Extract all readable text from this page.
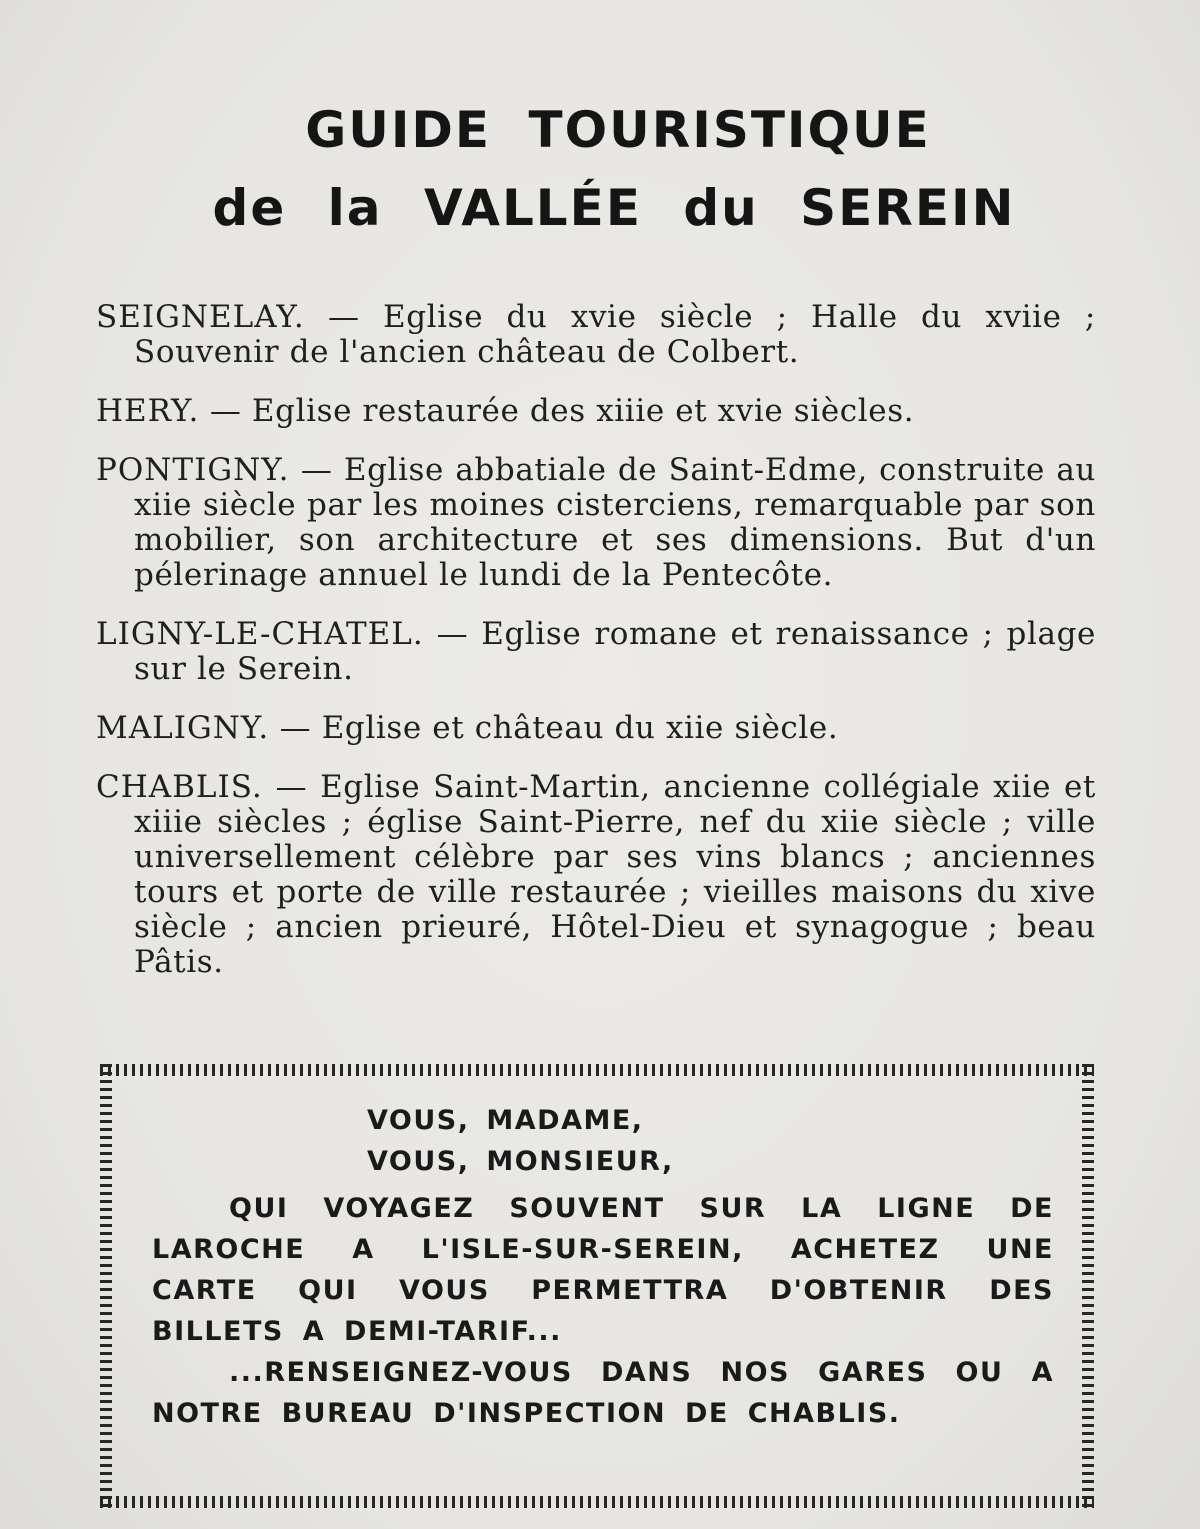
GUIDE TOURISTIQUE
de la VALLÉE du SEREIN

SEIGNELAY. — Eglise du xvie siècle ; Halle du xviie ; Souvenir de l'ancien château de Colbert.

HERY. — Eglise restaurée des xiiie et xvie siècles.

PONTIGNY. — Eglise abbatiale de Saint-Edme, construite au xiie siècle par les moines cisterciens, remarquable par son mobilier, son architecture et ses dimensions. But d'un pélerinage annuel le lundi de la Pentecôte.

LIGNY-LE-CHATEL. — Eglise romane et renaissance ; plage sur le Serein.

MALIGNY. — Eglise et château du xiie siècle.

CHABLIS. — Eglise Saint-Martin, ancienne collégiale xiie et xiiie siècles ; église Saint-Pierre, nef du xiie siècle ; ville universellement célèbre par ses vins blancs ; anciennes tours et porte de ville restaurée ; vieilles maisons du xive siècle ; ancien prieuré, Hôtel-Dieu et synagogue ; beau Pâtis.

VOUS, MADAME,

VOUS, MONSIEUR,

QUI VOYAGEZ SOUVENT SUR LA LIGNE DE LAROCHE A L'ISLE-SUR-SEREIN, ACHETEZ UNE CARTE QUI VOUS PERMETTRA D'OBTENIR DES BILLETS A DEMI-TARIF...

...RENSEIGNEZ-VOUS DANS NOS GARES OU A NOTRE BUREAU D'INSPECTION DE CHABLIS.
